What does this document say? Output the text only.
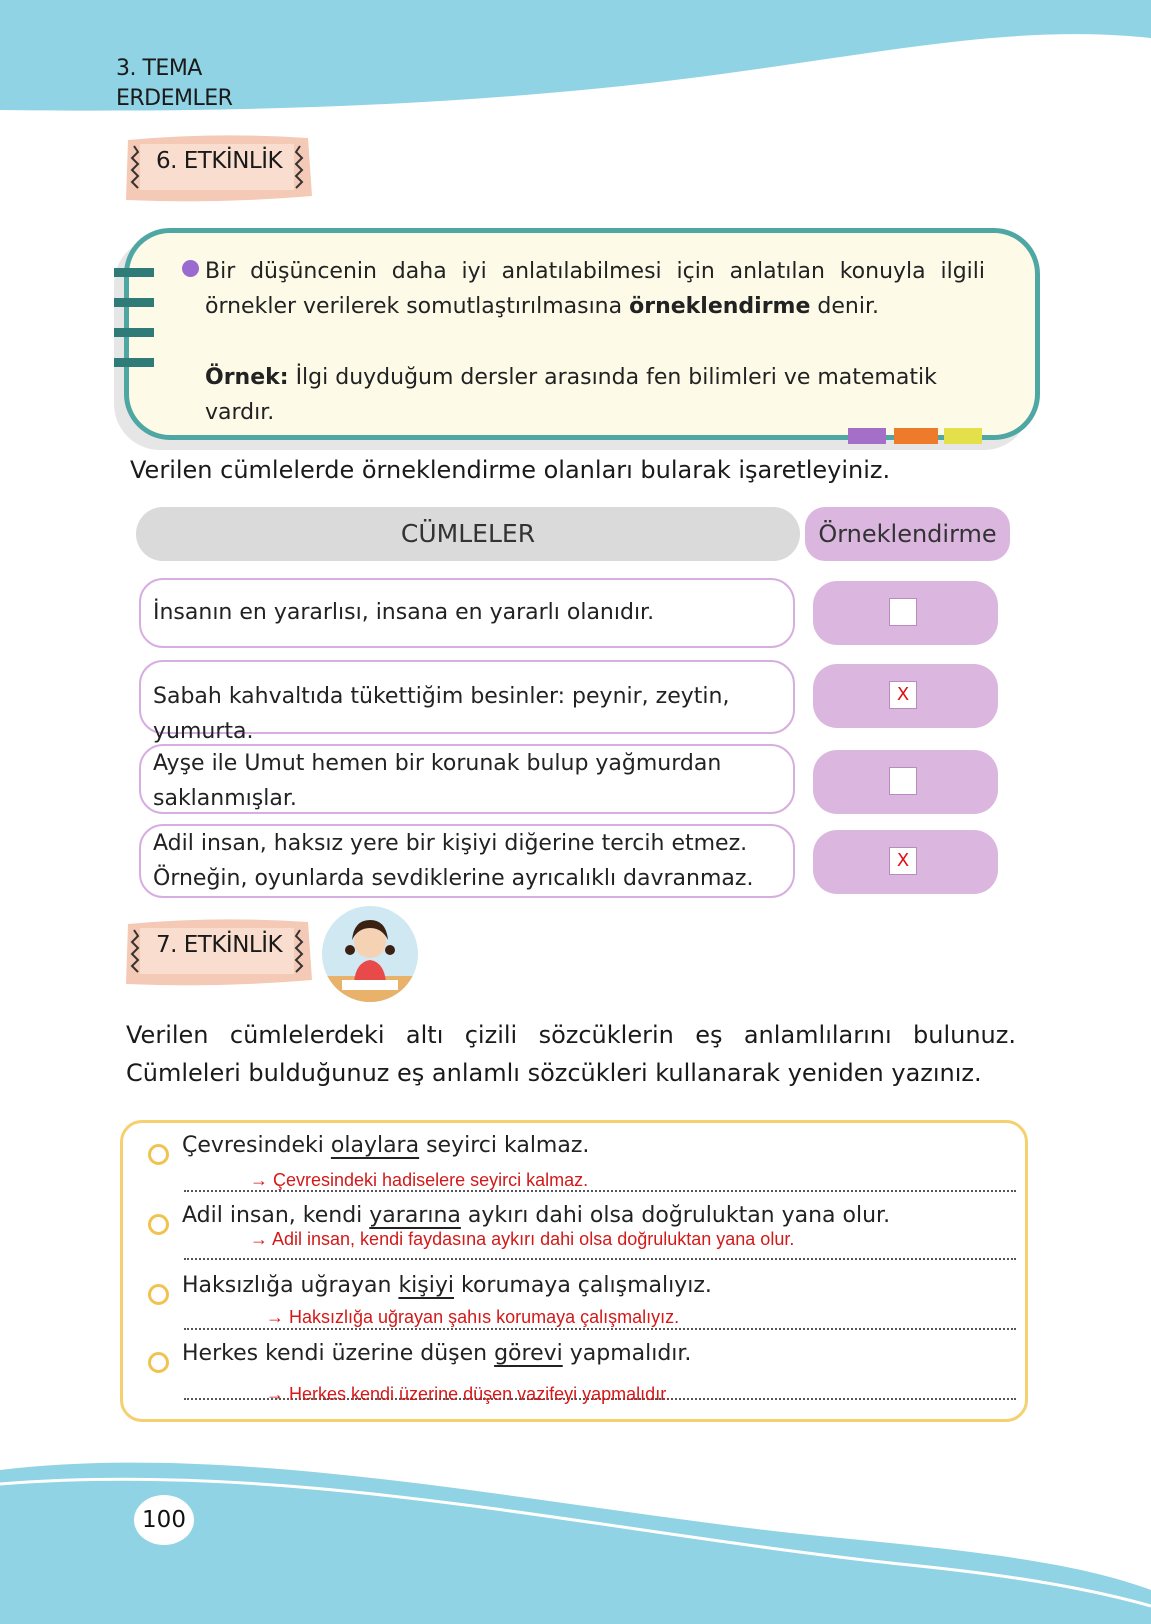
3. TEMA
ERDEMLER
6. ETKİNLİK
Bir düşüncenin daha iyi anlatılabilmesi için anlatılan konuyla ilgili örnekler verilerek somutlaştırılmasına örneklendirme denir.
Örnek: İlgi duyduğum dersler arasında fen bilimleri ve matematik vardır.
Verilen cümlelerde örneklendirme olanları bularak işaretleyiniz.
CÜMLELER	Örneklendirme
İnsanın en yararlısı, insana en yararlı olanıdır.
Sabah kahvaltıda tükettiğim besinler: peynir, zeytin, yumurta.
X
Ayşe ile Umut hemen bir korunak bulup yağmurdan saklanmışlar.
Adil insan, haksız yere bir kişiyi diğerine tercih etmez. Örneğin, oyunlarda sevdiklerine ayrıcalıklı davranmaz.
X
7. ETKİNLİK
Verilen cümlelerdeki altı çizili sözcüklerin eş anlamlılarını bulunuz. Cümleleri bulduğunuz eş anlamlı sözcükleri kullanarak yeniden yazınız.
Çevresindeki olaylara seyirci kalmaz.
→ Çevresindeki hadiselere seyirci kalmaz.
Adil insan, kendi yararına aykırı dahi olsa doğruluktan yana olur.
→ Adil insan, kendi faydasına aykırı dahi olsa doğruluktan yana olur.
Haksızlığa uğrayan kişiyi korumaya çalışmalıyız.
→ Haksızlığa uğrayan şahıs korumaya çalışmalıyız.
Herkes kendi üzerine düşen görevi yapmalıdır.
→ Herkes kendi üzerine düşen vazifeyi yapmalıdır.
100
